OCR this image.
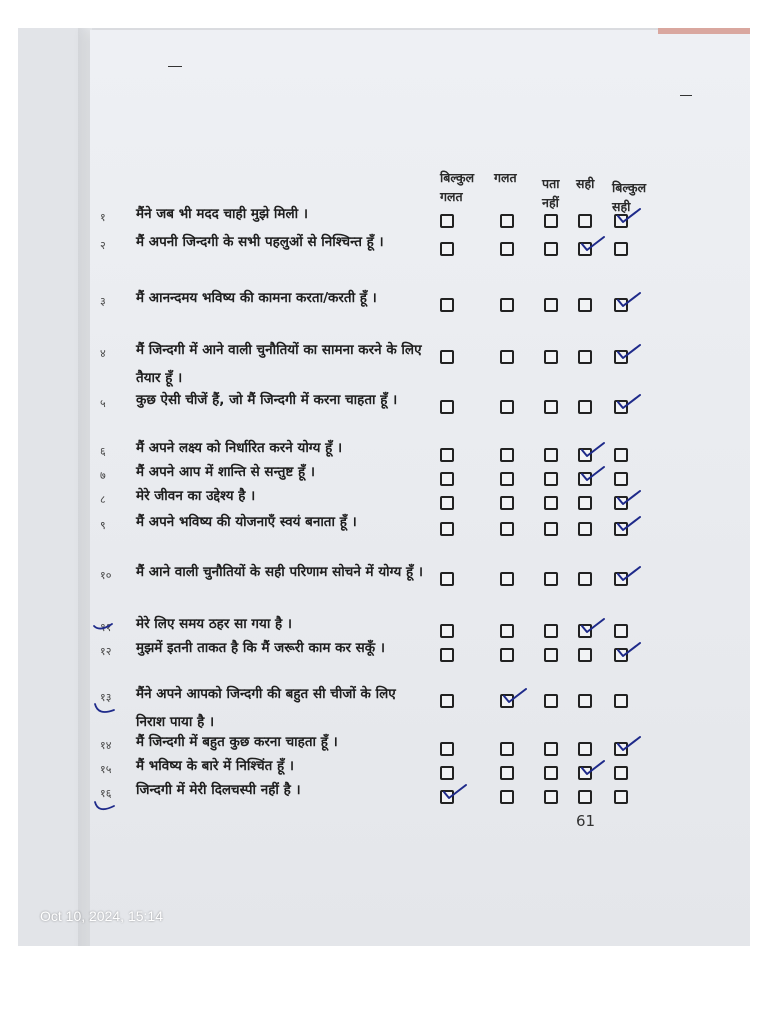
बिल्कुल
गलत
गलत पता
नहीं
सही बिल्कुल
सही
१ मैंने जब भी मदद चाही मुझे मिली ।
२ मैं अपनी जिन्दगी के सभी पहलुओं से निश्चिन्त हूँ ।
३ मैं आनन्दमय भविष्य की कामना करता/करती हूँ ।
४ मैं जिन्दगी में आने वाली चुनौतियों का सामना करने के लिए तैयार हूँ ।
५ कुछ ऐसी चीजें हैं, जो मैं जिन्दगी में करना चाहता हूँ ।
६ मैं अपने लक्ष्य को निर्धारित करने योग्य हूँ ।
७ मैं अपने आप में शान्ति से सन्तुष्ट हूँ ।
८ मेरे जीवन का उद्देश्य है ।
९ मैं अपने भविष्य की योजनाएँ स्वयं बनाता हूँ ।
१० मैं आने वाली चुनौतियों के सही परिणाम सोचने में योग्य हूँ ।
११ मेरे लिए समय ठहर सा गया है ।
१२ मुझमें इतनी ताकत है कि मैं जरूरी काम कर सकूँ ।
१३ मैंने अपने आपको जिन्दगी की बहुत सी चीजों के लिए निराश पाया है ।
१४ मैं जिन्दगी में बहुत कुछ करना चाहता हूँ ।
१५ मैं भविष्य के बारे में निश्चिंत हूँ ।
१६ जिन्दगी में मेरी दिलचस्पी नहीं है ।
61
Oct 10, 2024, 15:14
